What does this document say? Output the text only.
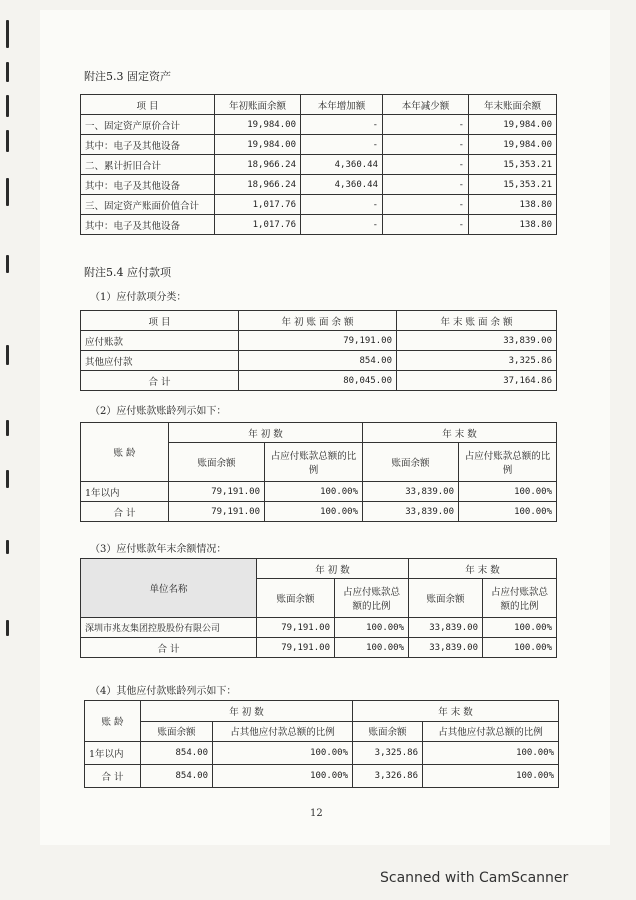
附注5.3 固定资产
项 目	年初账面余额	本年增加额	本年减少额	年末账面余额
一、固定资产原价合计	19,984.00	-	-	19,984.00
其中：电子及其他设备	19,984.00	-	-	19,984.00
二、累计折旧合计	18,966.24	4,360.44	-	15,353.21
其中：电子及其他设备	18,966.24	4,360.44	-	15,353.21
三、固定资产账面价值合计	1,017.76	-	-	138.80
其中：电子及其他设备	1,017.76	-	-	138.80
附注5.4 应付款项
（1）应付款项分类：
项 目	年 初 账 面 余 额	年 末 账 面 余 额
应付账款	79,191.00	33,839.00
其他应付款	854.00	3,325.86
合 计	80,045.00	37,164.86
（2）应付账款账龄列示如下：
账 龄	年 初 数		年 末 数	
	账面余额	占应付账款总额的比例	账面余额	占应付账款总额的比例
1年以内	79,191.00	100.00%	33,839.00	100.00%
合 计	79,191.00	100.00%	33,839.00	100.00%
（3）应付账款年末余额情况：
单位名称	年 初 数		年 末 数	
	账面余额	占应付账款总额的比例	账面余额	占应付账款总额的比例
深圳市兆友集团控股股份有限公司	79,191.00	100.00%	33,839.00	100.00%
合 计	79,191.00	100.00%	33,839.00	100.00%
（4）其他应付款账龄列示如下：
账 龄	年 初 数		年 末 数	
	账面余额	占其他应付款总额的比例	账面余额	占其他应付款总额的比例
1年以内	854.00	100.00%	3,325.86	100.00%
合 计	854.00	100.00%	3,326.86	100.00%
12
Scanned with CamScanner
